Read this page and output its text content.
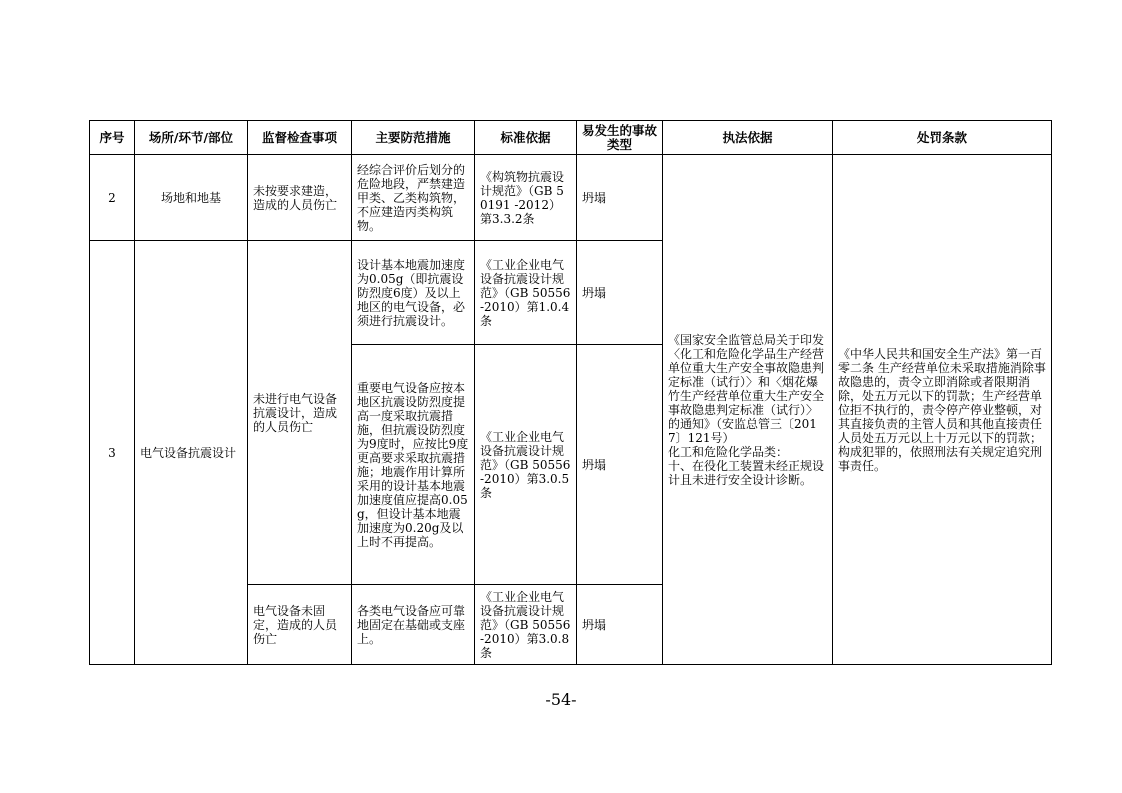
序号	场所/环节/部位	监督检查事项	主要防范措施	标准依据	易发生的事故类型	执法依据	处罚条款
2	场地和地基	未按要求建造，造成的人员伤亡	经综合评价后划分的危险地段，严禁建造甲类、乙类构筑物，不应建造丙类构筑物。	《构筑物抗震设计规范》（GB 50191 -2012）第3.3.2条	坍塌	《国家安全监管总局关于印发〈化工和危险化学品生产经营单位重大生产安全事故隐患判定标准（试行）〉和〈烟花爆竹生产经营单位重大生产安全事故隐患判定标准（试行）〉的通知》（安监总管三〔2017〕121号）
化工和危险化学品类：
十、在役化工装置未经正规设计且未进行安全设计诊断。	《中华人民共和国安全生产法》第一百零二条 生产经营单位未采取措施消除事故隐患的，责令立即消除或者限期消除，处五万元以下的罚款；生产经营单位拒不执行的，责令停产停业整顿，对其直接负责的主管人员和其他直接责任人员处五万元以上十万元以下的罚款；构成犯罪的，依照刑法有关规定追究刑事责任。

3	电气设备抗震设计	未进行电气设备抗震设计，造成的人员伤亡	设计基本地震加速度为0.05g（即抗震设防烈度6度）及以上地区的电气设备，必须进行抗震设计。	《工业企业电气设备抗震设计规范》（GB 50556 -2010）第1.0.4条	坍塌		
			重要电气设备应按本地区抗震设防烈度提高一度采取抗震措施，但抗震设防烈度为9度时，应按比9度更高要求采取抗震措施；地震作用计算所采用的设计基本地震加速度值应提高0.05g，但设计基本地震加速度为0.20g及以上时不再提高。	《工业企业电气设备抗震设计规范》（GB 50556 -2010）第3.0.5条	坍塌		
		电气设备未固定，造成的人员伤亡	各类电气设备应可靠地固定在基础或支座上。	《工业企业电气设备抗震设计规范》（GB 50556 -2010）第3.0.8条	坍塌		
-54-
